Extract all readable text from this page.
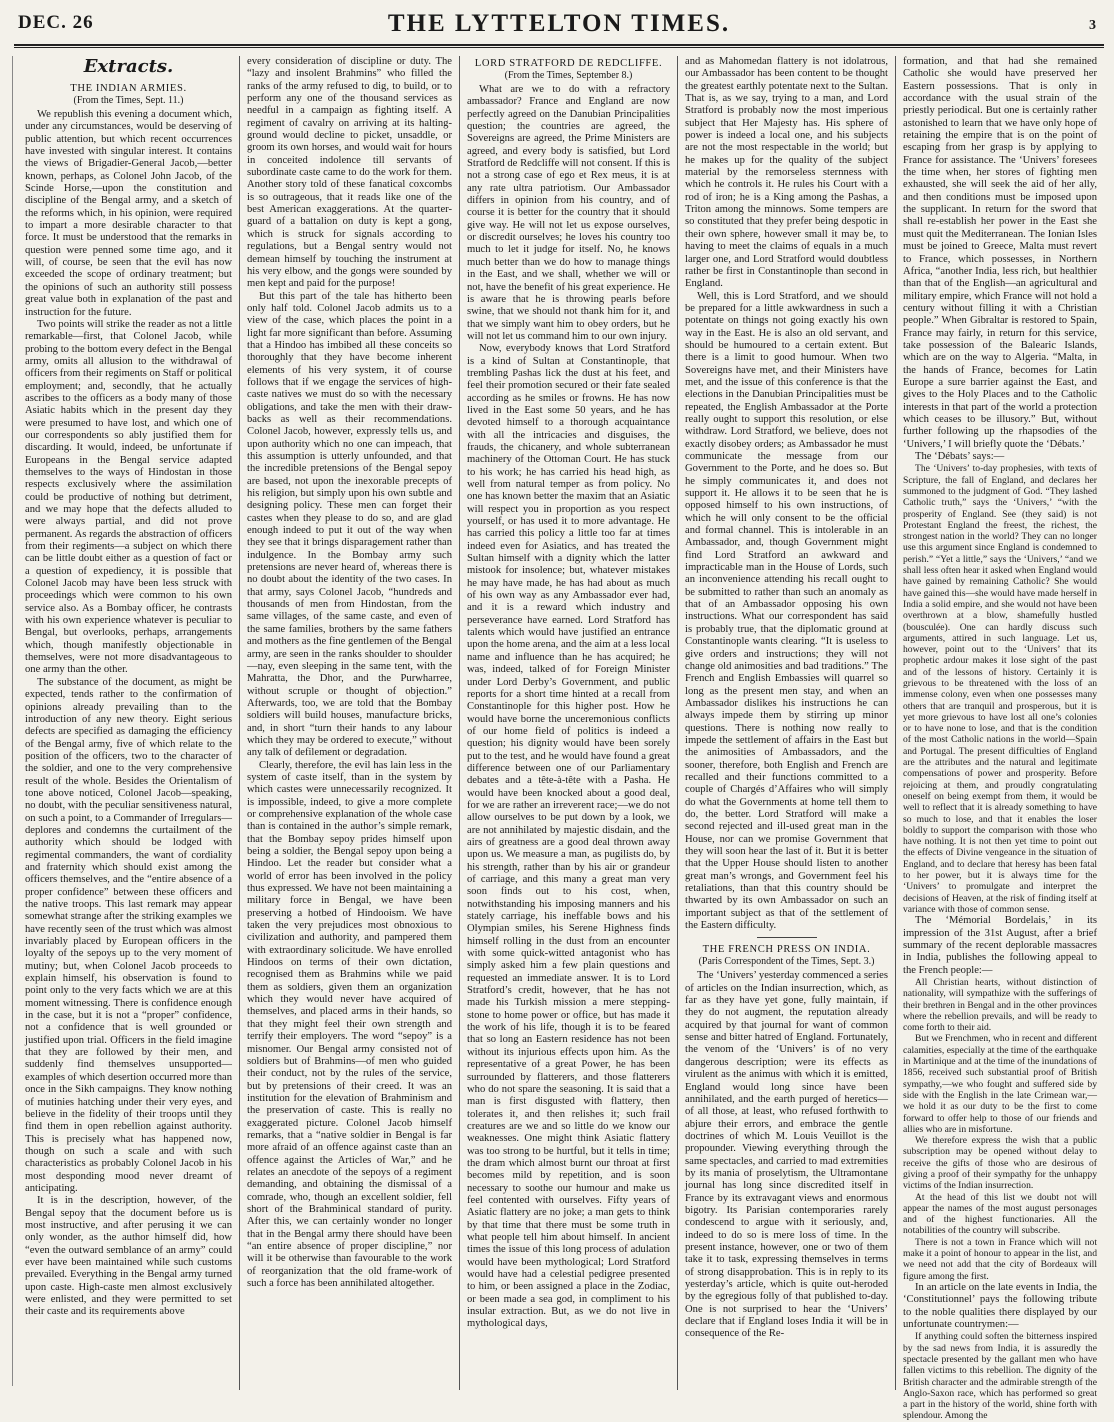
DEC. 26	THE LYTTELTON TIMES.	3
Extracts.
THE INDIAN ARMIES.
(From the Times, Sept. 11.)

We republish this evening a document which, under any circumstances, would be deserving of public attention, but which recent occurrences have invested with singular interest. It contains the views of Brigadier-General Jacob,—better known, perhaps, as Colonel John Jacob, of the Scinde Horse,—upon the constitution and discipline of the Bengal army, and a sketch of the reforms which, in his opinion, were required to impart a more desirable character to that force. It must be understood that the remarks in question were penned some time ago, and it will, of course, be seen that the evil has now exceeded the scope of ordinary treatment; but the opinions of such an authority still possess great value both in explanation of the past and instruction for the future.

Two points will strike the reader as not a little remarkable—first, that Colonel Jacob, while probing to the bottom every defect in the Bengal army, omits all allusion to the withdrawal of officers from their regiments on Staff or political employment; and, secondly, that he actually ascribes to the officers as a body many of those Asiatic habits which in the present day they were presumed to have lost, and which one of our correspondents so ably justified them for discarding. It would, indeed, be unfortunate if Europeans in the Bengal service adapted themselves to the ways of Hindostan in those respects exclusively where the assimilation could be productive of nothing but detriment, and we may hope that the defects alluded to were always partial, and did not prove permanent. As regards the abstraction of officers from their regiments—a subject on which there can be little doubt either as a question of fact or a question of expediency, it is possible that Colonel Jacob may have been less struck with proceedings which were common to his own service also. As a Bombay officer, he contrasts with his own experience whatever is peculiar to Bengal, but overlooks, perhaps, arrangements which, though manifestly objectionable in themselves, were not more disadvantageous to one army than the other.

The substance of the document, as might be expected, tends rather to the confirmation of opinions already prevailing than to the introduction of any new theory. Eight serious defects are specified as damaging the efficiency of the Bengal army, five of which relate to the position of the officers, two to the character of the soldier, and one to the very comprehensive result of the whole. Besides the Orientalism of tone above noticed, Colonel Jacob—speaking, no doubt, with the peculiar sensitiveness natural, on such a point, to a Commander of Irregulars—deplores and condemns the curtailment of the authority which should be lodged with regimental commanders, the want of cordiality and fraternity which should exist among the officers themselves, and the “entire absence of a proper confidence” between these officers and the native troops. This last remark may appear somewhat strange after the striking examples we have recently seen of the trust which was almost invariably placed by European officers in the loyalty of the sepoys up to the very moment of mutiny; but, when Colonel Jacob proceeds to explain himself, his observation is found to point only to the very facts which we are at this moment witnessing. There is confidence enough in the case, but it is not a “proper” confidence, not a confidence that is well grounded or justified upon trial. Officers in the field imagine that they are followed by their men, and suddenly find themselves unsupported—examples of which desertion occurred more than once in the Sikh campaigns. They know nothing of mutinies hatching under their very eyes, and believe in the fidelity of their troops until they find them in open rebellion against authority. This is precisely what has happened now, though on such a scale and with such characteristics as probably Colonel Jacob in his most desponding mood never dreamt of anticipating.

It is in the description, however, of the Bengal sepoy that the document before us is most instructive, and after perusing it we can only wonder, as the author himself did, how “even the outward semblance of an army” could ever have been maintained while such customs prevailed. Everything in the Bengal army turned upon caste. High-caste men almost exclusively were enlisted, and they were permitted to set their caste and its requirements above

every consideration of discipline or duty. The “lazy and insolent Brahmins” who filled the ranks of the army refused to dig, to build, or to perform any one of the thousand services as needful in a campaign as fighting itself. A regiment of cavalry on arriving at its halting-ground would decline to picket, unsaddle, or groom its own horses, and would wait for hours in conceited indolence till servants of subordinate caste came to do the work for them. Another story told of these fanatical coxcombs is so outrageous, that it reads like one of the best American exaggerations. At the quarter-guard of a battalion on duty is kept a gong, which is struck for signals according to regulations, but a Bengal sentry would not demean himself by touching the instrument at his very elbow, and the gongs were sounded by men kept and paid for the purpose!

But this part of the tale has hitherto been only half told. Colonel Jacob admits us to a view of the case, which places the point in a light far more significant than before. Assuming that a Hindoo has imbibed all these conceits so thoroughly that they have become inherent elements of his very system, it of course follows that if we engage the services of high-caste natives we must do so with the necessary obligations, and take the men with their draw-backs as well as their recommendations. Colonel Jacob, however, expressly tells us, and upon authority which no one can impeach, that this assumption is utterly unfounded, and that the incredible pretensions of the Bengal sepoy are based, not upon the inexorable precepts of his religion, but simply upon his own subtle and designing policy. These men can forget their castes when they please to do so, and are glad enough indeed to put it out of the way when they see that it brings disparagement rather than indulgence. In the Bombay army such pretensions are never heard of, whereas there is no doubt about the identity of the two cases. In that army, says Colonel Jacob, “hundreds and thousands of men from Hindostan, from the same villages, of the same caste, and even of the same families, brothers by the same fathers and mothers as the fine gentlemen of the Bengal army, are seen in the ranks shoulder to shoulder—nay, even sleeping in the same tent, with the Mahratta, the Dhor, and the Purwharree, without scruple or thought of objection.” Afterwards, too, we are told that the Bombay soldiers will build houses, manufacture bricks, and, in short “turn their hands to any labour which they may be ordered to execute,” without any talk of defilement or degradation.

Clearly, therefore, the evil has lain less in the system of caste itself, than in the system by which castes were unnecessarily recognized. It is impossible, indeed, to give a more complete or comprehensive explanation of the whole case than is contained in the author’s simple remark, that the Bombay sepoy prides himself upon being a soldier, the Bengal sepoy upon being a Hindoo. Let the reader but consider what a world of error has been involved in the policy thus expressed. We have not been maintaining a military force in Bengal, we have been preserving a hotbed of Hindooism. We have taken the very prejudices most obnoxious to civilization and authority, and pampered them with extraordinary solicitude. We have enrolled Hindoos on terms of their own dictation, recognised them as Brahmins while we paid them as soldiers, given them an organization which they would never have acquired of themselves, and placed arms in their hands, so that they might feel their own strength and terrify their employers. The word “sepoy” is a misnomer. Our Bengal army consisted not of soldiers but of Brahmins—of men who guided their conduct, not by the rules of the service, but by pretensions of their creed. It was an institution for the elevation of Brahminism and the preservation of caste. This is really no exaggerated picture. Colonel Jacob himself remarks, that a “native soldier in Bengal is far more afraid of an offence against caste than an offence against the Articles of War,” and he relates an anecdote of the sepoys of a regiment demanding, and obtaining the dismissal of a comrade, who, though an excellent soldier, fell short of the Brahminical standard of purity. After this, we can certainly wonder no longer that in the Bengal army there should have been “an entire absence of proper discipline,” nor will it be otherwise than favourable to the work of reorganization that the old frame-work of such a force has been annihilated altogether.

LORD STRATFORD DE REDCLIFFE.
(From the Times, September 8.)

What are we to do with a refractory ambassador? France and England are now perfectly agreed on the Danubian Principalities question; the countries are agreed, the Sovereigns are agreed, the Prime Ministers are agreed, and every body is satisfied, but Lord Stratford de Redcliffe will not consent. If this is not a strong case of ego et Rex meus, it is at any rate ultra patriotism. Our Ambassador differs in opinion from his country, and of course it is better for the country that it should give way. He will not let us expose ourselves, or discredit ourselves; he loves his country too much to let it judge for itself. No, he knows much better than we do how to manage things in the East, and we shall, whether we will or not, have the benefit of his great experience. He is aware that he is throwing pearls before swine, that we should not thank him for it, and that we simply want him to obey orders, but he will not let us command him to our own injury.

Now, everybody knows that Lord Stratford is a kind of Sultan at Constantinople, that trembling Pashas lick the dust at his feet, and feel their promotion secured or their fate sealed according as he smiles or frowns. He has now lived in the East some 50 years, and he has devoted himself to a thorough acquaintance with all the intricacies and disguises, the frauds, the chicanery, and whole subterranean machinery of the Ottoman Court. He has stuck to his work; he has carried his head high, as well from natural temper as from policy. No one has known better the maxim that an Asiatic will respect you in proportion as you respect yourself, or has used it to more advantage. He has carried this policy a little too far at times indeed even for Asiatics, and has treated the Sultan himself with a dignity which the latter mistook for insolence; but, whatever mistakes he may have made, he has had about as much of his own way as any Ambassador ever had, and it is a reward which industry and perseverance have earned. Lord Stratford has talents which would have justified an entrance upon the home arena, and the aim at a less local name and influence than he has acquired; he was, indeed, talked of for Foreign Minister under Lord Derby’s Government, and public reports for a short time hinted at a recall from Constantinople for this higher post. How he would have borne the unceremonious conflicts of our home field of politics is indeed a question; his dignity would have been sorely put to the test, and he would have found a great difference between one of our Parliamentary debates and a tête-à-tête with a Pasha. He would have been knocked about a good deal, for we are rather an irreverent race;—we do not allow ourselves to be put down by a look, we are not annihilated by majestic disdain, and the airs of greatness are a good deal thrown away upon us. We measure a man, as pugilists do, by his strength, rather than by his air or grandeur of carriage, and this many a great man very soon finds out to his cost, when, notwithstanding his imposing manners and his stately carriage, his ineffable bows and his Olympian smiles, his Serene Highness finds himself rolling in the dust from an encounter with some quick-witted antagonist who has simply asked him a few plain questions and requested an immediate answer. It is to Lord Stratford’s credit, however, that he has not made his Turkish mission a mere stepping-stone to home power or office, but has made it the work of his life, though it is to be feared that so long an Eastern residence has not been without its injurious effects upon him. As the representative of a great Power, he has been surrounded by flatterers, and those flatterers who do not spare the seasoning. It is said that a man is first disgusted with flattery, then tolerates it, and then relishes it; such frail creatures are we and so little do we know our weaknesses. One might think Asiatic flattery was too strong to be hurtful, but it tells in time; the dram which almost burnt our throat at first becomes mild by repetition, and is soon necessary to soothe our humour and make us feel contented with ourselves. Fifty years of Asiatic flattery are no joke; a man gets to think by that time that there must be some truth in what people tell him about himself. In ancient times the issue of this long process of adulation would have been mythological; Lord Stratford would have had a celestial pedigree presented to him, or been assigned a place in the Zodiac, or been made a sea god, in compliment to his insular extraction. But, as we do not live in mythological days,

and as Mahomedan flattery is not idolatrous, our Ambassador has been content to be thought the greatest earthly potentate next to the Sultan. That is, as we say, trying to a man, and Lord Stratford is probably now the most imperious subject that Her Majesty has. His sphere of power is indeed a local one, and his subjects are not the most respectable in the world; but he makes up for the quality of the subject material by the remorseless sternness with which he controls it. He rules his Court with a rod of iron; he is a King among the Pashas, a Triton among the minnows. Some tempers are so constituted that they prefer being despotic in their own sphere, however small it may be, to having to meet the claims of equals in a much larger one, and Lord Stratford would doubtless rather be first in Constantinople than second in England.

Well, this is Lord Stratford, and we should be prepared for a little awkwardness in such a potentate on things not going exactly his own way in the East. He is also an old servant, and should be humoured to a certain extent. But there is a limit to good humour. When two Sovereigns have met, and their Ministers have met, and the issue of this conference is that the elections in the Danubian Principalities must be repeated, the English Ambassador at the Porte really ought to support this resolution, or else withdraw. Lord Stratford, we believe, does not exactly disobey orders; as Ambassador he must communicate the message from our Government to the Porte, and he does so. But he simply communicates it, and does not support it. He allows it to be seen that he is opposed himself to his own instructions, of which he will only consent to be the official and formal channel. This is intolerable in an Ambassador, and, though Government might find Lord Stratford an awkward and impracticable man in the House of Lords, such an inconvenience attending his recall ought to be submitted to rather than such an anomaly as that of an Ambassador opposing his own instructions. What our correspondent has said is probably true, that the diplomatic ground at Constantinople wants clearing. “It is useless to give orders and instructions; they will not change old animosities and bad traditions.” The French and English Embassies will quarrel so long as the present men stay, and when an Ambassador dislikes his instructions he can always impede them by stirring up minor questions. There is nothing now really to impede the settlement of affairs in the East but the animosities of Ambassadors, and the sooner, therefore, both English and French are recalled and their functions committed to a couple of Chargés d’Affaires who will simply do what the Governments at home tell them to do, the better. Lord Stratford will make a second rejected and ill-used great man in the House, nor can we promise Government that they will soon hear the last of it. But it is better that the Upper House should listen to another great man’s wrongs, and Government feel his retaliations, than that this country should be thwarted by its own Ambassador on such an important subject as that of the settlement of the Eastern difficulty.

THE FRENCH PRESS ON INDIA.
(Paris Correspondent of the Times, Sept. 3.)

The ‘Univers’ yesterday commenced a series of articles on the Indian insurrection, which, as far as they have yet gone, fully maintain, if they do not augment, the reputation already acquired by that journal for want of common sense and bitter hatred of England. Fortunately, the venom of the ‘Univers’ is of no very dangerous description; were its effects as virulent as the animus with which it is emitted, England would long since have been annihilated, and the earth purged of heretics—of all those, at least, who refused forthwith to abjure their errors, and embrace the gentle doctrines of which M. Louis Veuillot is the propounder. Viewing everything through the same spectacles, and carried to mad extremities by its mania of proselytism, the Ultramontane journal has long since discredited itself in France by its extravagant views and enormous bigotry. Its Parisian contemporaries rarely condescend to argue with it seriously, and, indeed to do so is mere loss of time. In the present instance, however, one or two of them take it to task, expressing themselves in terms of strong disapprobation. This is in reply to its yesterday’s article, which is quite out-heroded by the egregious folly of that published to-day. One is not surprised to hear the ‘Univers’ declare that if England loses India it will be in consequence of the Re-

formation, and that had she remained Catholic she would have preserved her Eastern possessions. That is only in accordance with the usual strain of the priestly periodical. But one is certainly rather astonished to learn that we have only hope of retaining the empire that is on the point of escaping from her grasp is by applying to France for assistance. The ‘Univers’ foresees the time when, her stores of fighting men exhausted, she will seek the aid of her ally, and then conditions must be imposed upon the supplicant. In return for the sword that shall re-establish her power in the East she must quit the Mediterranean. The Ionian Isles must be joined to Greece, Malta must revert to France, which possesses, in Northern Africa, “another India, less rich, but healthier than that of the English—an agricultural and military empire, which France will not hold a century without filling it with a Christian people.” When Gibraltar is restored to Spain, France may fairly, in return for this service, take possession of the Balearic Islands, which are on the way to Algeria. “Malta, in the hands of France, becomes for Latin Europe a sure barrier against the East, and gives to the Holy Places and to the Catholic interests in that part of the world a protection which ceases to be illusory.” But, without further following up the rhapsodies of the ‘Univers,’ I will briefly quote the ‘Débats.’

The ‘Débats’ says:—

The ‘Univers’ to-day prophesies, with texts of Scripture, the fall of England, and declares her summoned to the judgment of God. “They lashed Catholic truth,” says the ‘Univers,’ “with the prosperity of England. See (they said) is not Protestant England the freest, the richest, the strongest nation in the world? They can no longer use this argument since England is condemned to perish.” “Yet a little,” says the ‘Univers,’ “and we shall less often hear it asked when England would have gained by remaining Catholic? She would have gained this—she would have made herself in India a solid empire, and she would not have been overthrown at a blow, shamefully hustled (bousculée). One can hardly discuss such arguments, attired in such language. Let us, however, point out to the ‘Univers’ that its prophetic ardour makes it lose sight of the past and of the lessons of history. Certainly it is grievous to be threatened with the loss of an immense colony, even when one possesses many others that are tranquil and prosperous, but it is yet more grievous to have lost all one’s colonies or to have none to lose, and that is the condition of the most Catholic nations in the world—Spain and Portugal. The present difficulties of England are the attributes and the natural and legitimate compensations of power and prosperity. Before rejoicing at them, and proudly congratulating oneself on being exempt from them, it would be well to reflect that it is already something to have so much to lose, and that it enables the loser boldly to support the comparison with those who have nothing. It is not then yet time to point out the effects of Divine vengeance in the situation of England, and to declare that heresy has been fatal to her power, but it is always time for the ‘Univers’ to promulgate and interpret the decisions of Heaven, at the risk of finding itself at variance with those of common sense.

The ‘Mémorial Bordelais,’ in its impression of the 31st August, after a brief summary of the recent deplorable massacres in India, publishes the following appeal to the French people:—

All Christian hearts, without distinction of nationality, will sympathize with the sufferings of their brethren in Bengal and in the other provinces where the rebellion prevails, and will be ready to come forth to their aid.

But we Frenchmen, who in recent and different calamities, especially at the time of the earthquake in Martinique and at the time of the inundations of 1856, received such substantial proof of British sympathy,—we who fought and suffered side by side with the English in the late Crimean war,—we hold it as our duty to be the first to come forward to offer help to those of our friends and allies who are in misfortune.

We therefore express the wish that a public subscription may be opened without delay to receive the gifts of those who are desirous of giving a proof of their sympathy for the unhappy victims of the Indian insurrection.

At the head of this list we doubt not will appear the names of the most august personages and of the highest functionaries. All the notabilities of the country will subscribe.

There is not a town in France which will not make it a point of honour to appear in the list, and we need not add that the city of Bordeaux will figure among the first.

In an article on the late events in India, the ‘Constitutionnel’ pays the following tribute to the noble qualities there displayed by our unfortunate countrymen:—

If anything could soften the bitterness inspired by the sad news from India, it is assuredly the spectacle presented by the gallant men who have fallen victims to this rebellion. The dignity of the British character and the admirable strength of the Anglo-Saxon race, which has performed so great a part in the history of the world, shine forth with splendour. Among the
